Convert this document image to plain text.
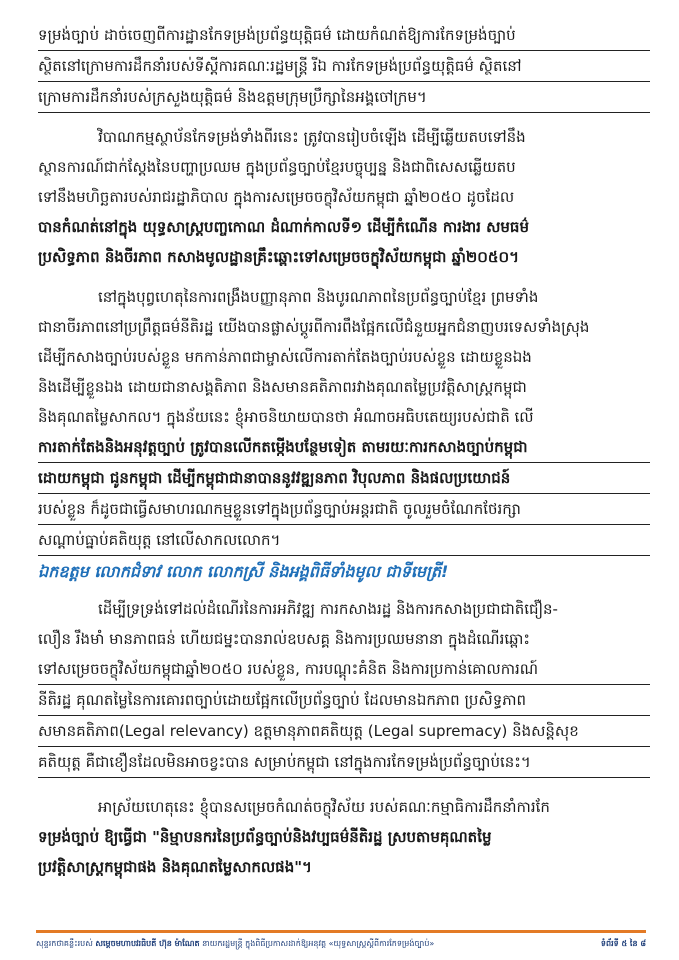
ទម្រង់ច្បាប់ ដាច់ចេញពីការដ្ឋានកែទម្រង់ប្រព័ន្ធយុត្តិធម៌ ដោយកំណត់ឱ្យការកែទម្រង់ច្បាប់
ស្ថិតនៅក្រោមការដឹកនាំរបស់ទីស្ដីការគណៈរដ្ឋមន្ត្រី រីឯ ការកែទម្រង់ប្រព័ន្ធយុត្តិធម៌ ស្ថិតនៅ
ក្រោមការដឹកនាំរបស់ក្រសួងយុត្តិធម៌ និងឧត្តមក្រុមប្រឹក្សានៃអង្គចៅក្រម។
វិបាណកម្មស្ថាប័នកែទម្រង់ទាំងពីរនេះ ត្រូវបានរៀបចំឡើង ដើម្បីឆ្លើយតបទៅនឹង
ស្ថានការណ៍ជាក់ស្ដែងនៃបញ្ហាប្រឈម ក្នុងប្រព័ន្ធច្បាប់ខ្មែរបច្ចុប្បន្ន និងជាពិសេសឆ្លើយតប
ទៅនឹងមហិច្ឆតារបស់រាជរដ្ឋាភិបាល ក្នុងការសម្រេចចក្ខុវិស័យកម្ពុជា ឆ្នាំ២០៥០ ដូចដែល
បានកំណត់នៅក្នុង យុទ្ធសាស្ត្របញ្ចកោណ ដំណាក់កាលទី១ ដើម្បីកំណើន ការងារ សមធម៌
ប្រសិទ្ធភាព និងចីរភាព កសាងមូលដ្ឋានគ្រឹះឆ្ពោះទៅសម្រេចចក្ខុវិស័យកម្ពុជា ឆ្នាំ២០៥០។
នៅក្នុងបុព្វហេតុនៃការពង្រឹងបញ្ញានុភាព និងបូរណភាពនៃប្រព័ន្ធច្បាប់ខ្មែរ ព្រមទាំង
ជានាចីរភាពនៅប្រព្រឹត្តធម៌នីតិរដ្ឋ យើងបានផ្លាស់ប្ដូរពីការពឹងផ្អែកលើជំនួយអ្នកជំនាញបរទេសទាំងស្រុង
ដើម្បីកសាងច្បាប់របស់ខ្លួន មកកាន់ភាពជាម្ចាស់លើការតាក់តែងច្បាប់របស់ខ្លួន ដោយខ្លួនឯង
និងដើម្បីខ្លួនឯង ដោយជានាសង្គតិភាព និងសមានគតិភាពរវាងគុណតម្លៃប្រវត្តិសាស្ត្រកម្ពុជា
និងគុណតម្លៃសាកល។ ក្នុងន័យនេះ ខ្ញុំអាចនិយាយបានថា អំណាចអធិបតេយ្យរបស់ជាតិ លើ
ការតាក់តែងនិងអនុវត្តច្បាប់ ត្រូវបានលើកតម្កើងបន្ថែមទៀត តាមរយៈការកសាងច្បាប់កម្ពុជា
ដោយកម្ពុជា ជូនកម្ពុជា ដើម្បីកម្ពុជាជានាបាននូវវឌ្ឍនភាព វិបុលភាព និងផលប្រយោជន៍
របស់ខ្លួន ក៏ដូចជាធ្វើសមាហរណកម្មខ្លួនទៅក្នុងប្រព័ន្ធច្បាប់អន្តរជាតិ ចូលរួមចំណែកថែរក្សា
សណ្ដាប់ធ្នាប់គតិយុត្ត នៅលើសាកលលោក។
ឯកឧត្ដម លោកជំទាវ លោក លោកស្រី និងអង្គពិធីទាំងមូល ជាទីមេត្រី!
ដើម្បីទ្រទ្រង់ទៅដល់ដំណើរនៃការអភិវឌ្ឍ ការកសាងរដ្ឋ និងការកសាងប្រជាជាតិជឿន-
លឿន រឹងមាំ មានភាពធន់ ហើយជម្នះបានរាល់ឧបសគ្គ និងការប្រឈមនានា ក្នុងដំណើរឆ្ពោះ
ទៅសម្រេចចក្ខុវិស័យកម្ពុជាឆ្នាំ២០៥០ របស់ខ្លួន, ការបណ្ដុះគំនិត និងការប្រកាន់គោលការណ៍
នីតិរដ្ឋ គុណតម្លៃនៃការគោរពច្បាប់ដោយផ្អែកលើប្រព័ន្ធច្បាប់ ដែលមានឯកភាព ប្រសិទ្ធភាព
សមានគតិភាព(Legal relevancy) ឧត្ដមានុភាពគតិយុត្ត (Legal supremacy) និងសន្តិសុខ
គតិយុត្ត គឺជាខឿនដែលមិនអាចខ្វះបាន សម្រាប់កម្ពុជា នៅក្នុងការកែទម្រង់ប្រព័ន្ធច្បាប់នេះ។
អាស្រ័យហេតុនេះ ខ្ញុំបានសម្រេចកំណត់ចក្ខុវិស័យ របស់គណៈកម្មាធិការដឹកនាំការកែ
ទម្រង់ច្បាប់ ឱ្យធ្វើជា "និម្មាបនករនៃប្រព័ន្ធច្បាប់និងវប្បធម៌នីតិរដ្ឋ ស្របតាមគុណតម្លៃ
ប្រវត្តិសាស្ត្រកម្ពុជាផង និងគុណតម្លៃសាកលផង"។
សុន្ទរកថាគន្លឹះរបស់ សម្ដេចមហាបវរធិបតី ហ៊ុន ម៉ាណែត នាយករដ្ឋមន្ត្រី ក្នុងពិធីប្រកាសដាក់ឱ្យអនុវត្ត «យុទ្ធសាស្ត្រស្ដីពីការកែទម្រង់ច្បាប់»	ទំព័រទី ៥ នៃ ៨
